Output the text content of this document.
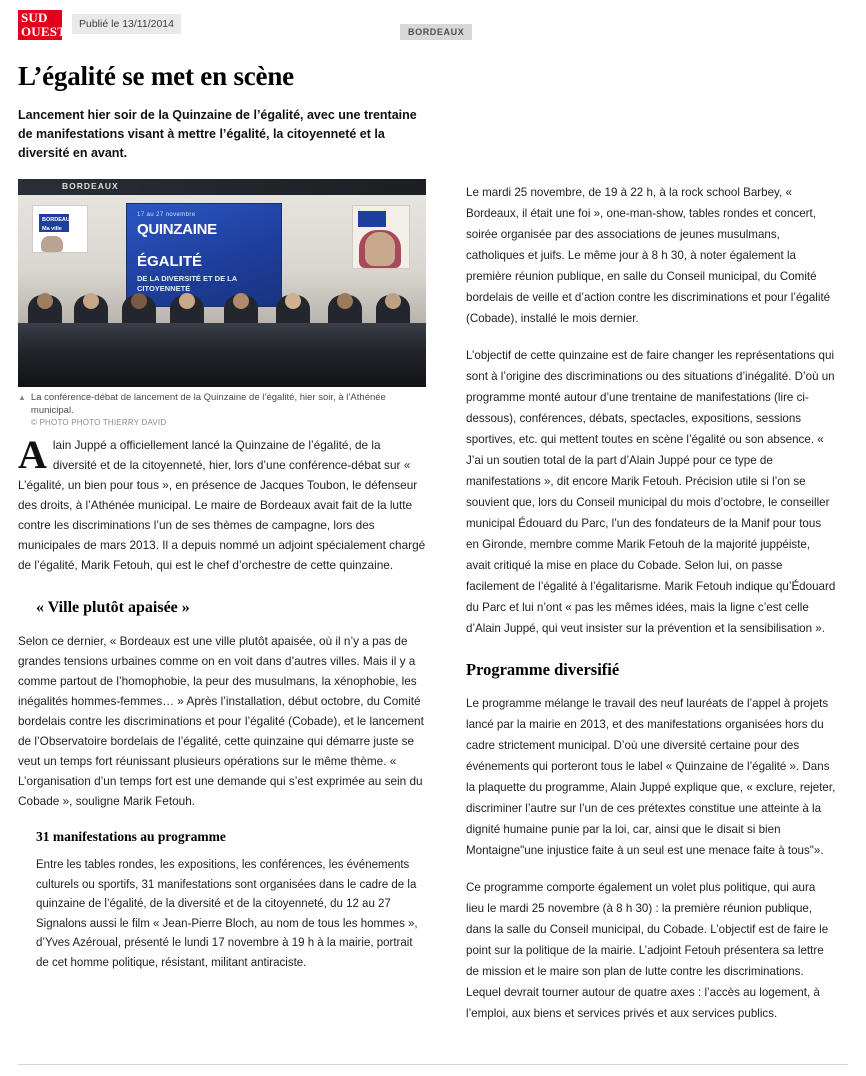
SUD
OUEST	Publié le 13/11/2014
BORDEAUX
L’égalité se met en scène
Lancement hier soir de la Quinzaine de l’égalité, avec une trentaine de manifestations visant à mettre l’égalité, la citoyenneté et la diversité en avant.
BORDEAUX
BORDEAUX Ma ville
17 au 27 novembre
QUINZAINE
ÉGALITÉ
DE LA DIVERSITÉ ET DE LA CITOYENNETÉ
▲ La conférence-débat de lancement de la Quinzaine de l’égalité, hier soir, à l’Athénée municipal.
© PHOTO PHOTO THIERRY DAVID

A lain Juppé a officiellement lancé la Quinzaine de l’égalité, de la diversité et de la citoyenneté, hier, lors d’une conférence-débat sur « L’égalité, un bien pour tous », en présence de Jacques Toubon, le défenseur des droits, à l’Athénée municipal. Le maire de Bordeaux avait fait de la lutte contre les discriminations l’un de ses thèmes de campagne, lors des municipales de mars 2013. Il a depuis nommé un adjoint spécialement chargé de l’égalité, Marik Fetouh, qui est le chef d’orchestre de cette quinzaine.

« Ville plutôt apaisée »

Selon ce dernier, « Bordeaux est une ville plutôt apaisée, où il n’y a pas de grandes tensions urbaines comme on en voit dans d’autres villes. Mais il y a comme partout de l’homophobie, la peur des musulmans, la xénophobie, les inégalités hommes-femmes… » Après l’installation, début octobre, du Comité bordelais contre les discriminations et pour l’égalité (Cobade), et le lancement de l’Observatoire bordelais de l’égalité, cette quinzaine qui démarre juste se veut un temps fort réunissant plusieurs opérations sur le même thème. « L’organisation d’un temps fort est une demande qui s’est exprimée au sein du Cobade », souligne Marik Fetouh.

31 manifestations au programme

Entre les tables rondes, les expositions, les conférences, les événements culturels ou sportifs, 31 manifestations sont organisées dans le cadre de la quinzaine de l’égalité, de la diversité et de la citoyenneté, du 12 au 27 Signalons aussi le film « Jean-Pierre Bloch, au nom de tous les hommes », d’Yves Azéroual, présenté le lundi 17 novembre à 19 h à la mairie, portrait de cet homme politique, résistant, militant antiraciste.

Le mardi 25 novembre, de 19 à 22 h, à la rock school Barbey, « Bordeaux, il était une foi », one-man-show, tables rondes et concert, soirée organisée par des associations de jeunes musulmans, catholiques et juifs. Le même jour à 8 h 30, à noter également la première réunion publique, en salle du Conseil municipal, du Comité bordelais de veille et d’action contre les discriminations et pour l’égalité (Cobade), installé le mois dernier.

L’objectif de cette quinzaine est de faire changer les représentations qui sont à l’origine des discriminations ou des situations d’inégalité. D’où un programme monté autour d’une trentaine de manifestations (lire ci-dessous), conférences, débats, spectacles, expositions, sessions sportives, etc. qui mettent toutes en scène l’égalité ou son absence. « J’ai un soutien total de la part d’Alain Juppé pour ce type de manifestations », dit encore Marik Fetouh. Précision utile si l’on se souvient que, lors du Conseil municipal du mois d’octobre, le conseiller municipal Édouard du Parc, l’un des fondateurs de la Manif pour tous en Gironde, membre comme Marik Fetouh de la majorité juppéiste, avait critiqué la mise en place du Cobade. Selon lui, on passe facilement de l’égalité à l’égalitarisme. Marik Fetouh indique qu’Édouard du Parc et lui n’ont « pas les mêmes idées, mais la ligne c’est celle d’Alain Juppé, qui veut insister sur la prévention et la sensibilisation ».

Programme diversifié

Le programme mélange le travail des neuf lauréats de l’appel à projets lancé par la mairie en 2013, et des manifestations organisées hors du cadre strictement municipal. D’où une diversité certaine pour des événements qui porteront tous le label « Quinzaine de l’égalité ». Dans la plaquette du programme, Alain Juppé explique que, « exclure, rejeter, discriminer l’autre sur l’un de ces prétextes constitue une atteinte à la dignité humaine punie par la loi, car, ainsi que le disait si bien Montaigne"une injustice faite à un seul est une menace faite à tous"».

Ce programme comporte également un volet plus politique, qui aura lieu le mardi 25 novembre (à 8 h 30) : la première réunion publique, dans la salle du Conseil municipal, du Cobade. L’objectif est de faire le point sur la politique de la mairie. L’adjoint Fetouh présentera sa lettre de mission et le maire son plan de lutte contre les discriminations. Lequel devrait tourner autour de quatre axes : l’accès au logement, à l’emploi, aux biens et services privés et aux services publics.
